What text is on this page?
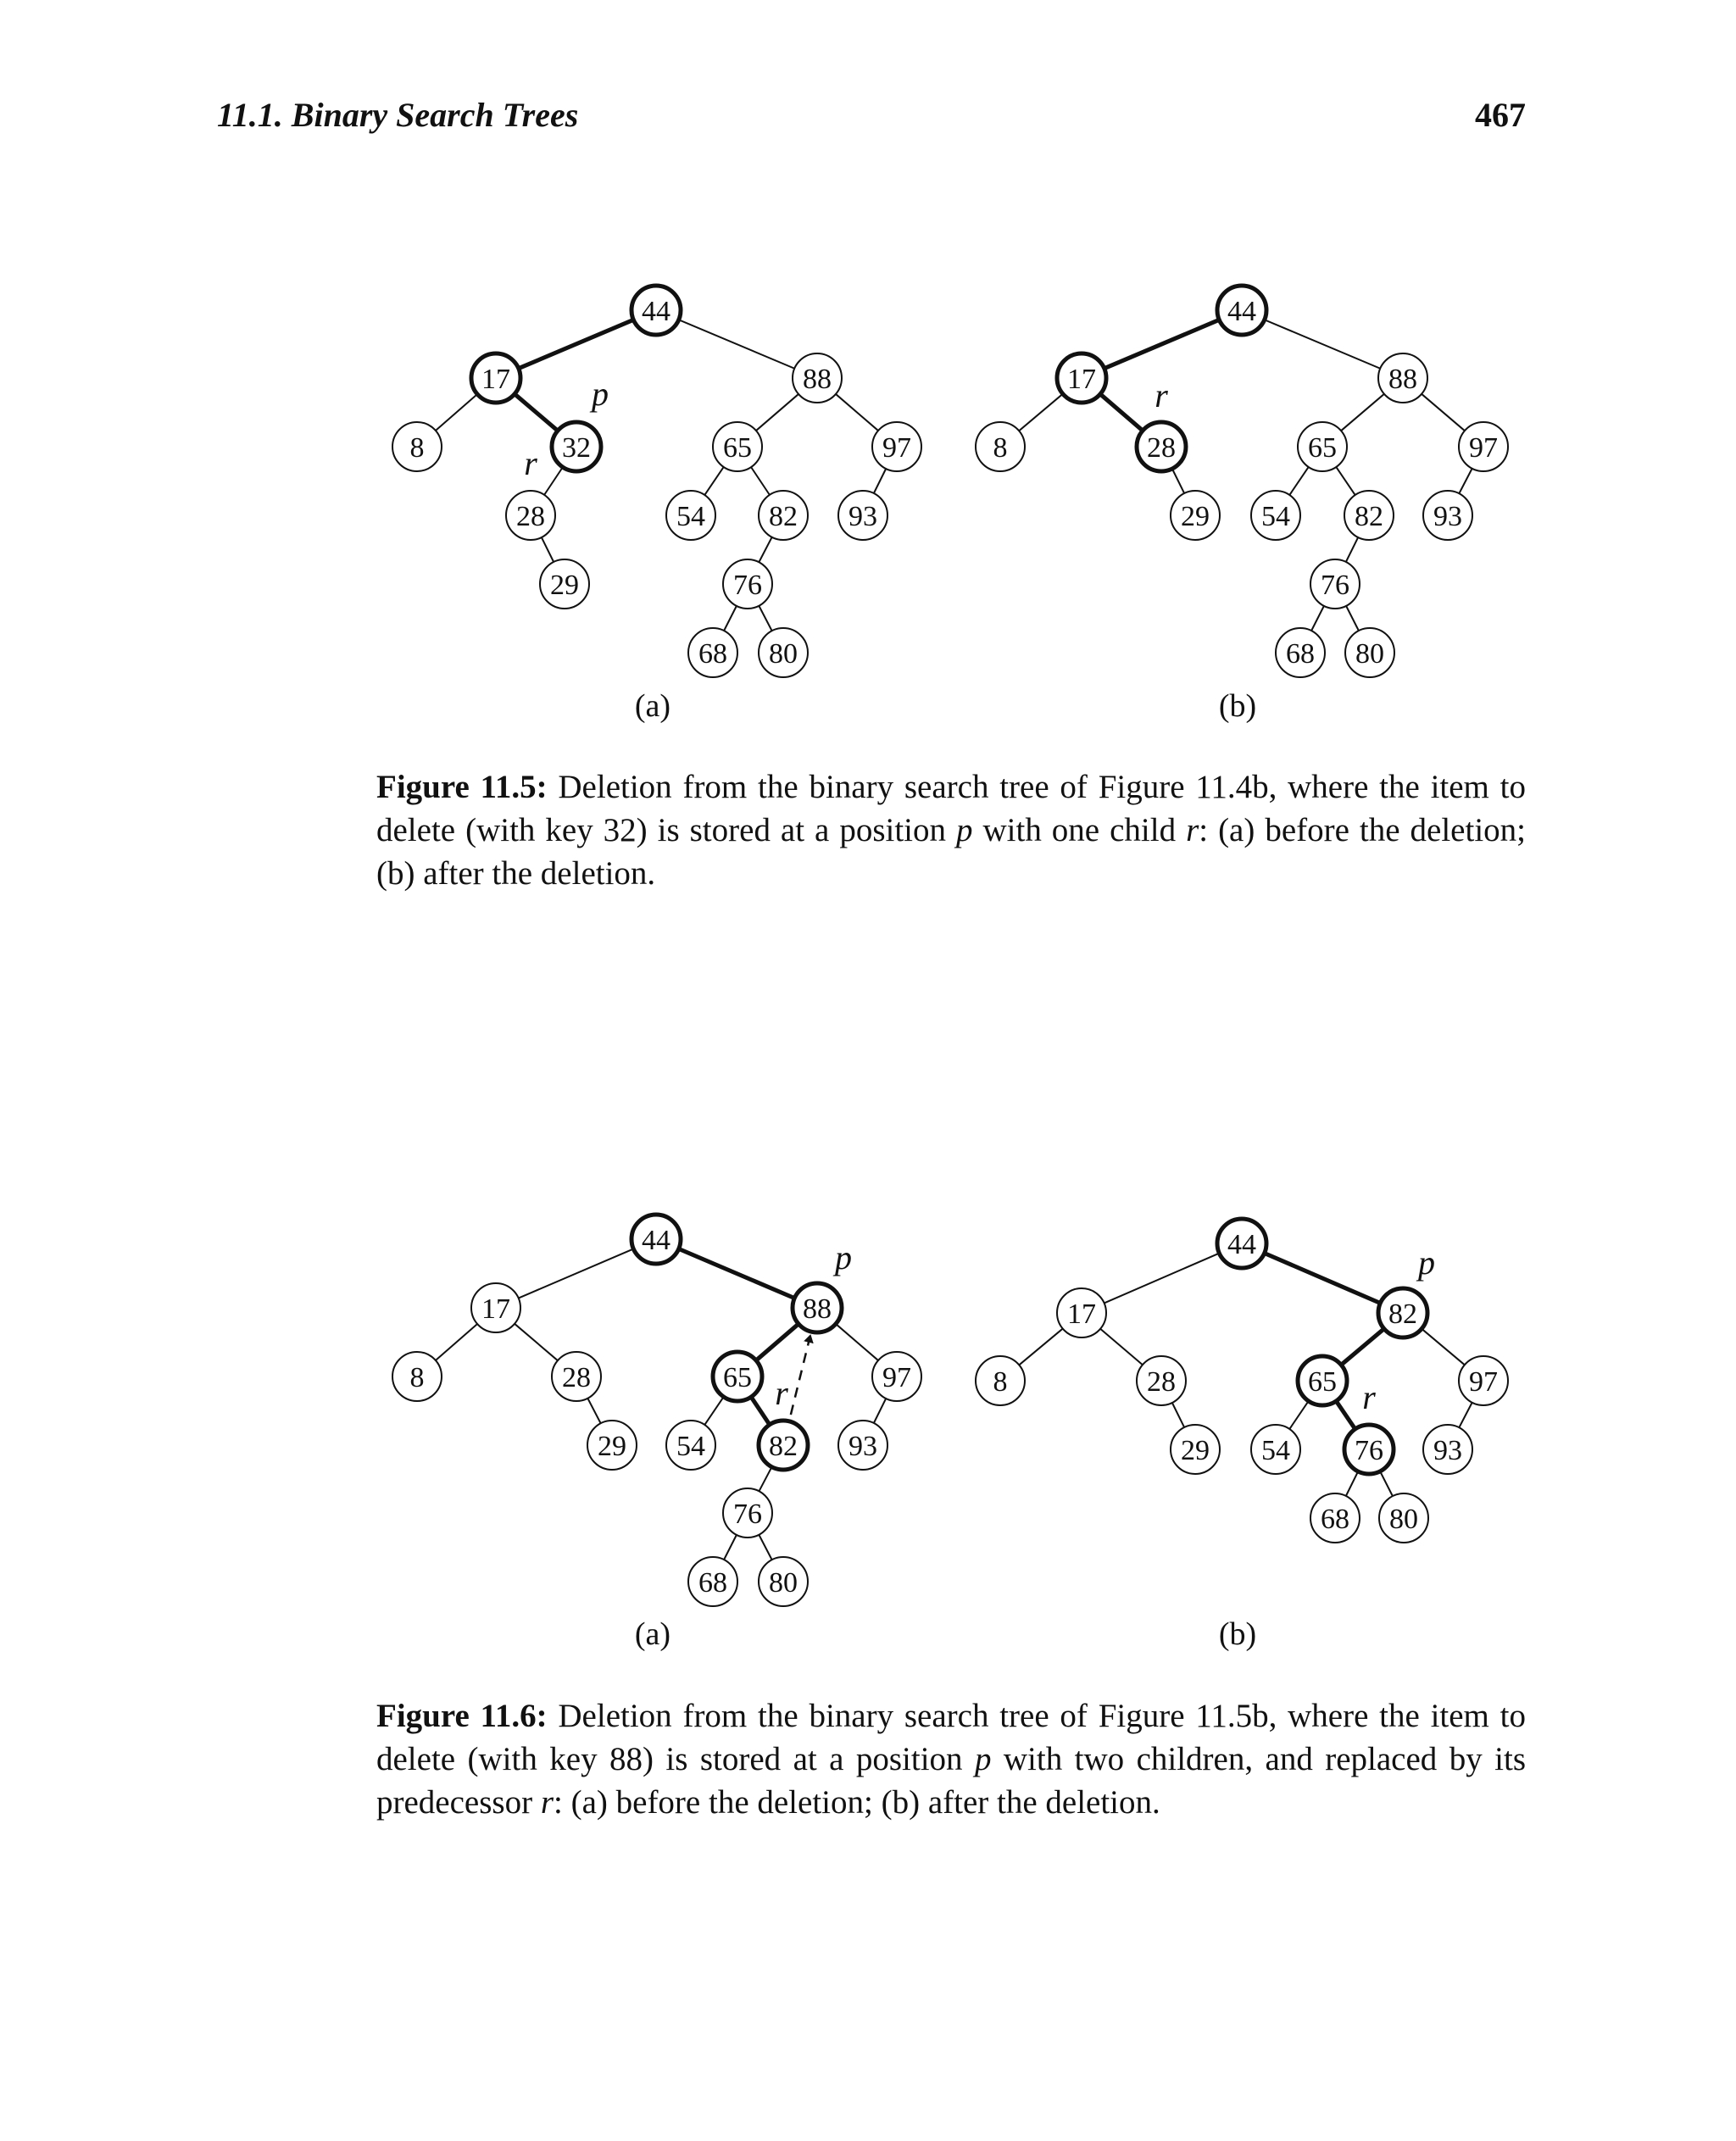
11.1. Binary Search Trees	467
44
17	88
8	32	65	97
28	54 82 93
29	76
68 80
p
r
(a)
44
17	88
8	28	65	97
29 54 82 93
76
68 80
r
(b)
Figure 11.5: Deletion from the binary search tree of Figure 11.4b, where the item to delete (with key 32) is stored at a position p with one child r: (a) before the deletion; (b) after the deletion.
44
17	88
8	28	65	97
29 54 82 93
76
68 80
p
r
(a)
44
17	82
8	28	65	97
29 54 76 93
68 80
p
r
(b)
Figure 11.6: Deletion from the binary search tree of Figure 11.5b, where the item to delete (with key 88) is stored at a position p with two children, and replaced by its predecessor r: (a) before the deletion; (b) after the deletion.
